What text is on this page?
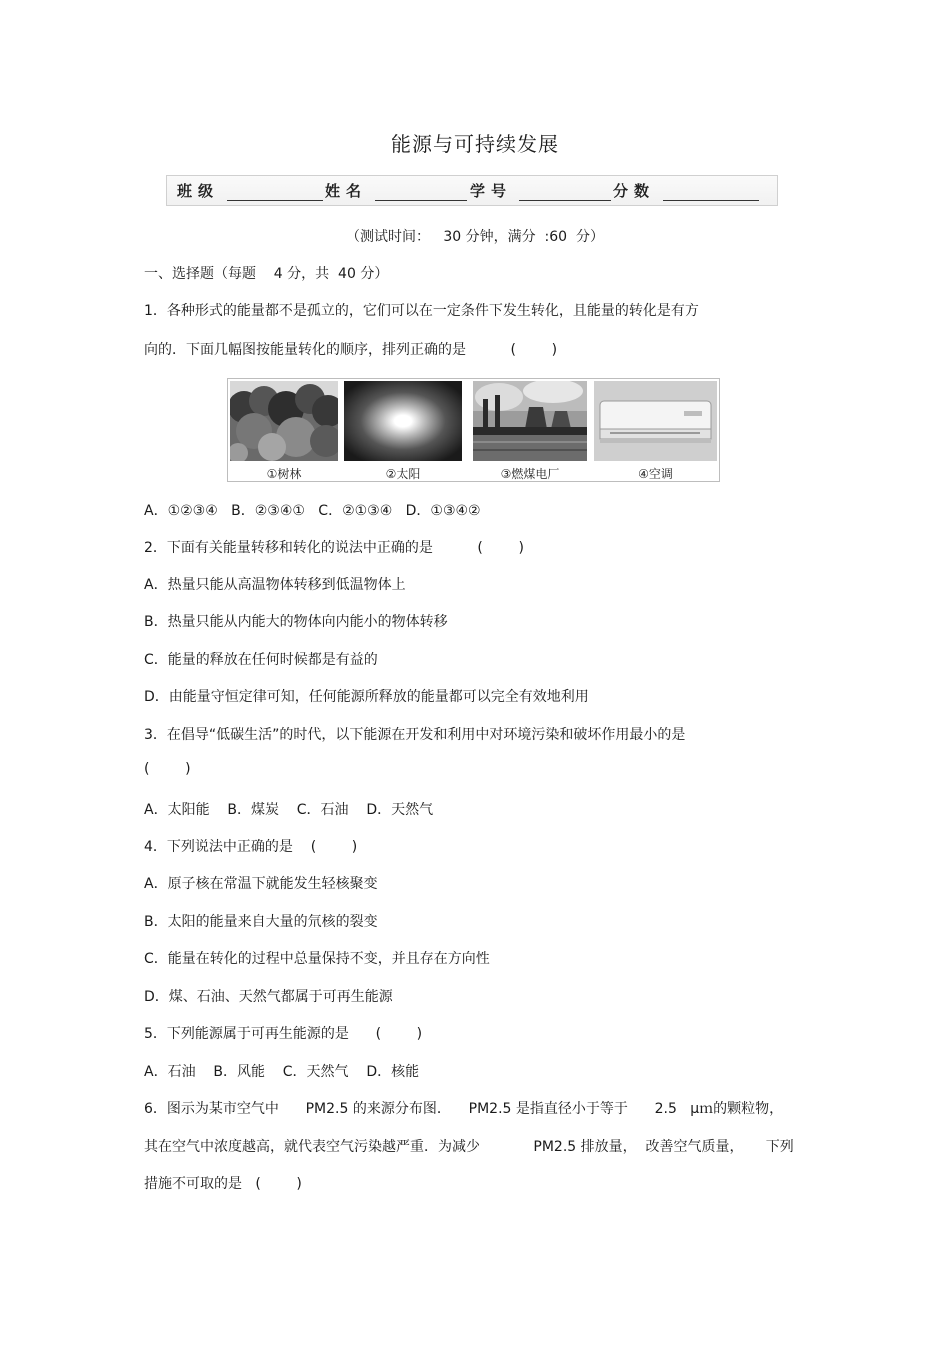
能源与可持续发展
班级	姓名	学号	分数
（测试时间：   30 分钟，满分  :60  分）
一、选择题（每题    4 分，共  40 分）
1．各种形式的能量都不是孤立的，它们可以在一定条件下发生转化，且能量的转化是有方
向的．下面几幅图按能量转化的顺序，排列正确的是          (        )
①树林	②太阳	③燃煤电厂	④空调
A．①②③④   B．②③④①   C．②①③④   D．①③④②
2．下面有关能量转移和转化的说法中正确的是          (        )
A．热量只能从高温物体转移到低温物体上
B．热量只能从内能大的物体向内能小的物体转移
C．能量的释放在任何时候都是有益的
D．由能量守恒定律可知，任何能源所释放的能量都可以完全有效地利用
3．在倡导“低碳生活”的时代，以下能源在开发和利用中对环境污染和破坏作用最小的是
(        )
A．太阳能    B．煤炭    C．石油    D．天然气
4．下列说法中正确的是    (        )
A．原子核在常温下就能发生轻核聚变
B．太阳的能量来自大量的氘核的裂变
C．能量在转化的过程中总量保持不变，并且存在方向性
D．煤、石油、天然气都属于可再生能源
5．下列能源属于可再生能源的是      (        )
A．石油    B．风能    C．天然气    D．核能
6．图示为某市空气中      PM2.5 的来源分布图．    PM2.5 是指直径小于等于      2.5   μｍ的颗粒物，
其在空气中浓度越高，就代表空气污染越严重．为减少            PM2.5 排放量，  改善空气质量，     下列
措施不可取的是   (        )
